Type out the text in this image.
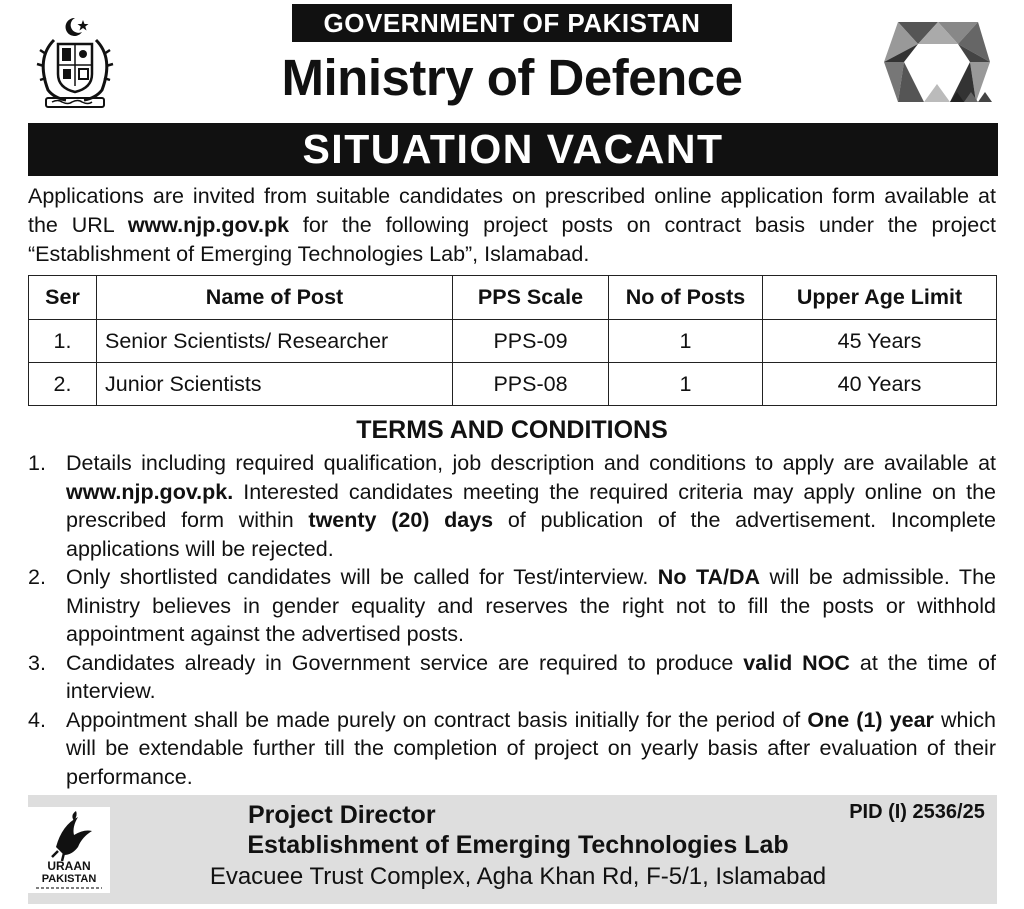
GOVERNMENT OF PAKISTAN
Ministry of Defence
SITUATION VACANT
Applications are invited from suitable candidates on prescribed online application form available at the URL www.njp.gov.pk for the following project posts on contract basis under the project “Establishment of Emerging Technologies Lab”, Islamabad.
Ser	Name of Post	PPS Scale	No of Posts	Upper Age Limit
1.	Senior Scientists/ Researcher	PPS-09	1	45 Years
2.	Junior Scientists	PPS-08	1	40 Years
TERMS AND CONDITIONS
1. Details including required qualification, job description and conditions to apply are available at www.njp.gov.pk. Interested candidates meeting the required criteria may apply online on the prescribed form within twenty (20) days of publication of the advertisement. Incomplete applications will be rejected.
2. Only shortlisted candidates will be called for Test/interview. No TA/DA will be admissible. The Ministry believes in gender equality and reserves the right not to fill the posts or withhold appointment against the advertised posts.
3. Candidates already in Government service are required to produce valid NOC at the time of interview.
4. Appointment shall be made purely on contract basis initially for the period of One (1) year which will be extendable further till the completion of project on yearly basis after evaluation of their performance.
URAAN
PAKISTAN
Project Director
Establishment of Emerging Technologies Lab
Evacuee Trust Complex, Agha Khan Rd, F-5/1, Islamabad
PID (I) 2536/25
